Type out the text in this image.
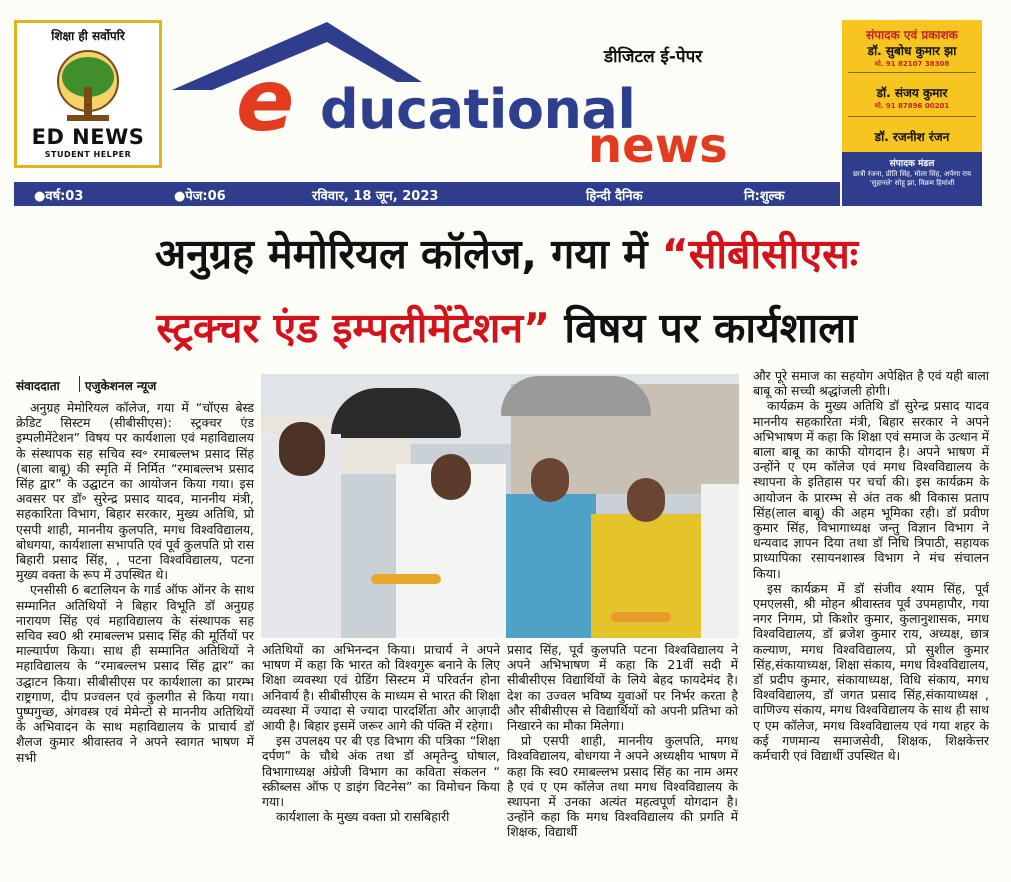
शिक्षा ही सर्वोपरि
ED NEWS
STUDENT HELPER
डीजिटल ई-पेपर
e ducational
news
संपादक एवं प्रकाशक
डॉ. सुबोध कुमार झा
मो. 91 82107 38308
डॉ. संजय कुमार
मो. 91 87896 00201
डॉ. रजनीश रंजन
संपादक मंडल
छात्री रंजना, प्रीति सिंह, मोला सिंह, अर्पणा राय 'सुहानले' सोहू झा, विक्रम हिमांशी
●वर्ष:03	●पेज:06	रविवार, 18 जून, 2023	हिन्दी दैनिक	नि:शुल्क
अनुग्रह मेमोरियल कॉलेज, गया में “सीबीसीएसः
स्ट्रक्चर एंड इम्पलीमेंटेशन” विषय पर कार्यशाला
संवाददाता एजुकेशनल न्यूज

अनुग्रह मेमोरियल कॉलेज, गया में “चॉएस बेस्ड क्रेडिट सिस्टम (सीबीसीएस): स्ट्रक्चर एंड इम्पलीमेंटेशन” विषय पर कार्यशाला एवं महाविद्यालय के संस्थापक सह सचिव स्व॰ रमाबल्लभ प्रसाद सिंह (बाला बाबू) की स्मृति में निर्मित “रमाबल्लभ प्रसाद सिंह द्वार” के उद्घाटन का आयोजन किया गया। इस अवसर पर डॉ॰ सुरेन्द्र प्रसाद यादव, माननीय मंत्री, सहकारिता विभाग, बिहार सरकार, मुख्य अतिथि, प्रो एसपी शाही, माननीय कुलपति, मगध विश्वविद्यालय, बोधगया, कार्यशाला सभापति एवं पूर्व कुलपति प्रो रास बिहारी प्रसाद सिंह, , पटना विश्वविद्यालय, पटना मुख्य वक्ता के रूप में उपस्थित थे।

एनसीसी 6 बटालियन के गार्ड ऑफ ऑनर के साथ सम्मानित अतिथियों ने बिहार विभूति डॉ अनुग्रह नारायण सिंह एवं महाविद्यालय के संस्थापक सह सचिव स्व0 श्री रमाबल्लभ प्रसाद सिंह की मूर्तियों पर माल्यार्पण किया। साथ ही सम्मानित अतिथियों ने महाविद्यालय के “रमाबल्लभ प्रसाद सिंह द्वार” का उद्घाटन किया। सीबीसीएस पर कार्यशाला का प्रारम्भ राष्ट्रगाण, दीप प्रज्वलन एवं कुलगीत से किया गया। पुष्पगुच्छ, अंगवस्त्र एवं मेमेन्टो से माननीय अतिथियों के अभिवादन के साथ महाविद्यालय के प्राचार्य डॉ शैलज कुमार श्रीवास्तव ने अपने स्वागत भाषण में सभी

अतिथियों का अभिनन्दन किया। प्राचार्य ने अपने भाषण में कहा कि भारत को विश्वगुरू बनाने के लिए शिक्षा व्यवस्था एवं ग्रेडिंग सिस्टम में परिवर्तन होना अनिवार्य है। सीबीसीएस के माध्यम से भारत की शिक्षा व्यवस्था में ज्यादा से ज्यादा पारदर्शिता और आज़ादी आयी है। बिहार इसमें जरूर आगे की पंक्ति में रहेगा।

इस उपलक्ष्य पर बी एड विभाग की पत्रिका “शिक्षा दर्पण” के चौथे अंक तथा डॉ अमृतेन्दु घोषाल, विभागाध्यक्ष अंग्रेजी विभाग का कविता संकलन “ स्क्रीब्लस ऑफ ए डाइंग विटनेस” का विमोचन किया गया।

कार्यशाला के मुख्य वक्ता प्रो रासबिहारी

प्रसाद सिंह, पूर्व कुलपति पटना विश्वविद्यालय ने अपने अभिभाषण में कहा कि 21वीं सदी में सीबीसीएस विद्यार्थियों के लिये बेहद फायदेमंद है। देश का उज्वल भविष्य युवाओं पर निर्भर करता है और सीबीसीएस से विद्यार्थियों को अपनी प्रतिभा को निखारने का मौका मिलेगा।

प्रो एसपी शाही, माननीय कुलपति, मगध विश्वविद्यालय, बोधगया ने अपने अध्यक्षीय भाषण में कहा कि स्व0 रमाबल्लभ प्रसाद सिंह का नाम अमर है एवं ए एम कॉलेज तथा मगध विश्वविद्यालय के स्थापना में उनका अत्यंत महत्वपूर्ण योगदान है। उन्होंने कहा कि मगध विश्वविद्यालय की प्रगति में शिक्षक, विद्यार्थी

और पूरे समाज का सहयोग अपेक्षित है एवं यही बाला बाबू को सच्ची श्रद्धांजली होगी।

कार्यक्रम के मुख्य अतिथि डॉ सुरेन्द्र प्रसाद यादव माननीय सहकारिता मंत्री, बिहार सरकार ने अपने अभिभाषण में कहा कि शिक्षा एवं समाज के उत्थान में बाला बाबू का काफी योगदान है। अपने भाषण में उन्होंने ए एम कॉलेज एवं मगध विश्वविद्यालय के स्थापना के इतिहास पर चर्चा की। इस कार्यक्रम के आयोजन के प्रारम्भ से अंत तक श्री विकास प्रताप सिंह(लाल बाबू) की अहम भूमिका रही। डॉ प्रवीण कुमार सिंह, विभागाध्यक्ष जन्तु विज्ञान विभाग ने धन्यवाद ज्ञापन दिया तथा डॉ निधि त्रिपाठी, सहायक प्राध्यापिका रसायनशास्त्र विभाग ने मंच संचालन किया।

इस कार्यक्रम में डॉ संजीव श्याम सिंह, पूर्व एमएलसी, श्री मोहन श्रीवास्तव पूर्व उपमहापौर, गया नगर निगम, प्रो किशोर कुमार, कुलानुशासक, मगध विश्वविद्यालय, डॉ ब्रजेश कुमार राय, अध्यक्ष, छात्र कल्याण, मगध विश्वविद्यालय, प्रो सुशील कुमार सिंह,संकायाध्यक्ष, शिक्षा संकाय, मगध विश्वविद्यालय, डॉ प्रदीप कुमार, संकायाध्यक्ष, विधि संकाय, मगध विश्वविद्यालय, डॉ जगत प्रसाद सिंह,संकायाध्यक्ष , वाणिज्य संकाय, मगध विश्वविद्यालय के साथ ही साथ ए एम कॉलेज, मगध विश्वविद्यालय एवं गया शहर के कई गणमान्य समाजसेवी, शिक्षक, शिक्षकेत्तर कर्मचारी एवं विद्यार्थी उपस्थित थे।
